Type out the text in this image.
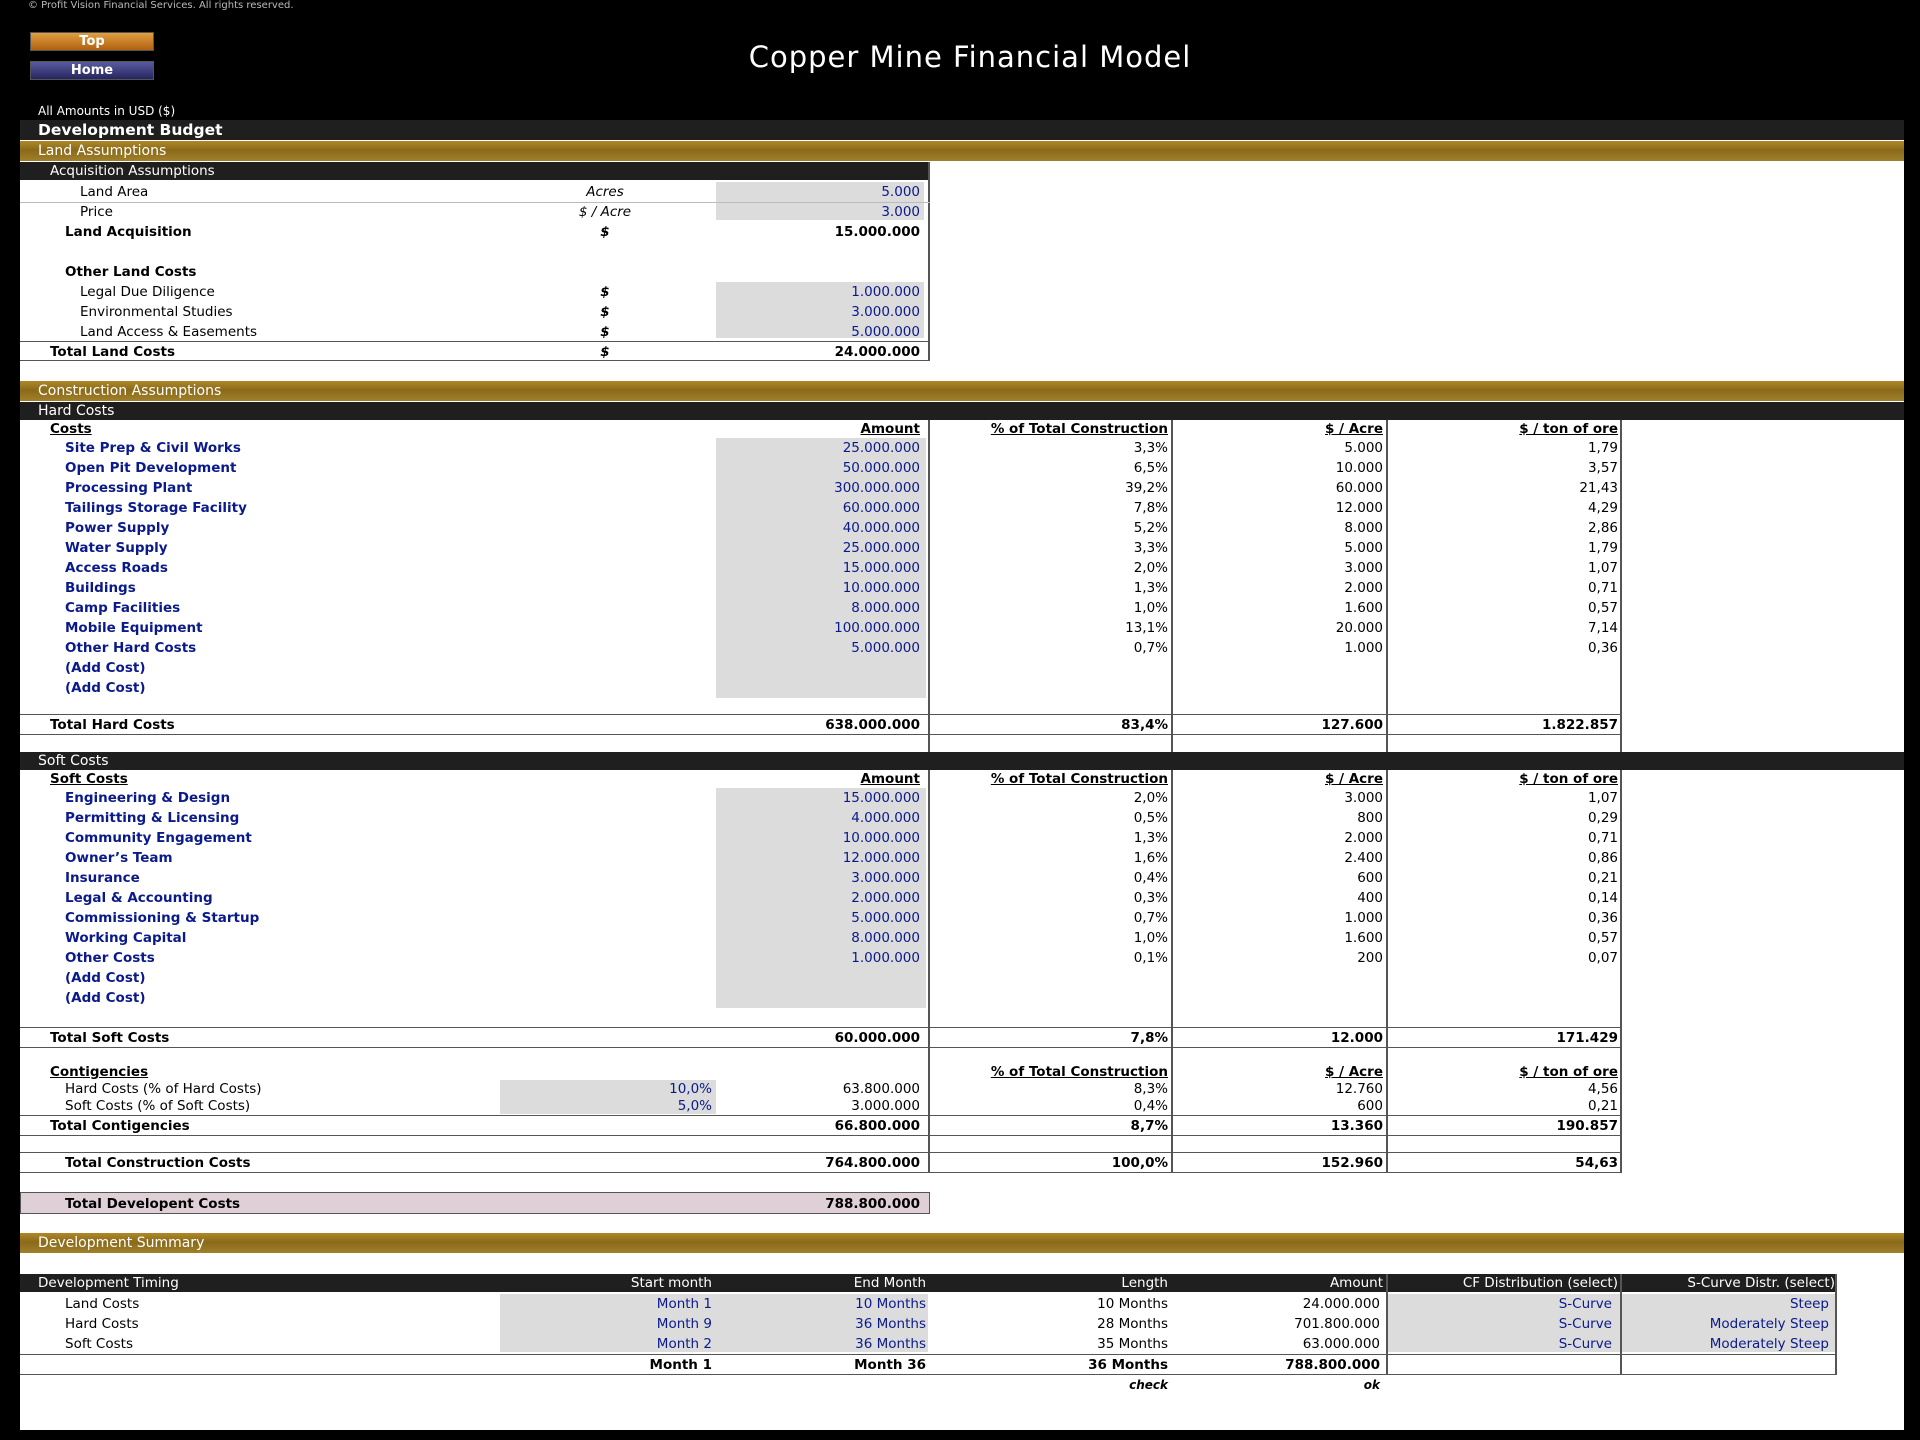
© Profit Vision Financial Services. All rights reserved.
Top
Home	Copper Mine Financial Model
All Amounts in USD ($)
Development Budget
Land Assumptions
Acquisition Assumptions
Land Area	Acres	5.000
Price	$ / Acre	3.000
Land Acquisition	$	15.000.000
Other Land Costs
Legal Due Diligence	$	1.000.000
Environmental Studies	$	3.000.000
Land Access & Easements	$	5.000.000
Total Land Costs	$	24.000.000
Construction Assumptions
Hard Costs
Costs	Amount	% of Total Construction	$ / Acre	$ / ton of ore
Site Prep & Civil Works	25.000.000	3,3%	5.000	1,79
Open Pit Development	50.000.000	6,5%	10.000	3,57
Processing Plant	300.000.000	39,2%	60.000	21,43
Tailings Storage Facility	60.000.000	7,8%	12.000	4,29
Power Supply	40.000.000	5,2%	8.000	2,86
Water Supply	25.000.000	3,3%	5.000	1,79
Access Roads	15.000.000	2,0%	3.000	1,07
Buildings	10.000.000	1,3%	2.000	0,71
Camp Facilities	8.000.000	1,0%	1.600	0,57
Mobile Equipment	100.000.000	13,1%	20.000	7,14
Other Hard Costs	5.000.000	0,7%	1.000	0,36
(Add Cost)
(Add Cost)
Total Hard Costs	638.000.000	83,4%	127.600	1.822.857
Soft Costs
Soft Costs	Amount	% of Total Construction	$ / Acre	$ / ton of ore
Engineering & Design	15.000.000	2,0%	3.000	1,07
Permitting & Licensing	4.000.000	0,5%	800	0,29
Community Engagement	10.000.000	1,3%	2.000	0,71
Owner’s Team	12.000.000	1,6%	2.400	0,86
Insurance	3.000.000	0,4%	600	0,21
Legal & Accounting	2.000.000	0,3%	400	0,14
Commissioning & Startup	5.000.000	0,7%	1.000	0,36
Working Capital	8.000.000	1,0%	1.600	0,57
Other Costs	1.000.000	0,1%	200	0,07
(Add Cost)
(Add Cost)
Total Soft Costs	60.000.000	7,8%	12.000	171.429
Contigencies	% of Total Construction	$ / Acre	$ / ton of ore
Hard Costs (% of Hard Costs)	10,0%	63.800.000	8,3%	12.760	4,56
Soft Costs (% of Soft Costs)	5,0%	3.000.000	0,4%	600	0,21
Total Contigencies	66.800.000	8,7%	13.360	190.857
Total Construction Costs	764.800.000	100,0%	152.960	54,63
Total Developent Costs	788.800.000
Development Summary
Development Timing	Start month	End Month	Length	Amount	CF Distribution (select)	S-Curve Distr. (select)
Land Costs	Month 1	10 Months	10 Months	24.000.000	S-Curve	Steep
Hard Costs	Month 9	36 Months	28 Months	701.800.000	S-Curve	Moderately Steep
Soft Costs	Month 2	36 Months	35 Months	63.000.000	S-Curve	Moderately Steep
Month 1	Month 36	36 Months	788.800.000
check	ok
